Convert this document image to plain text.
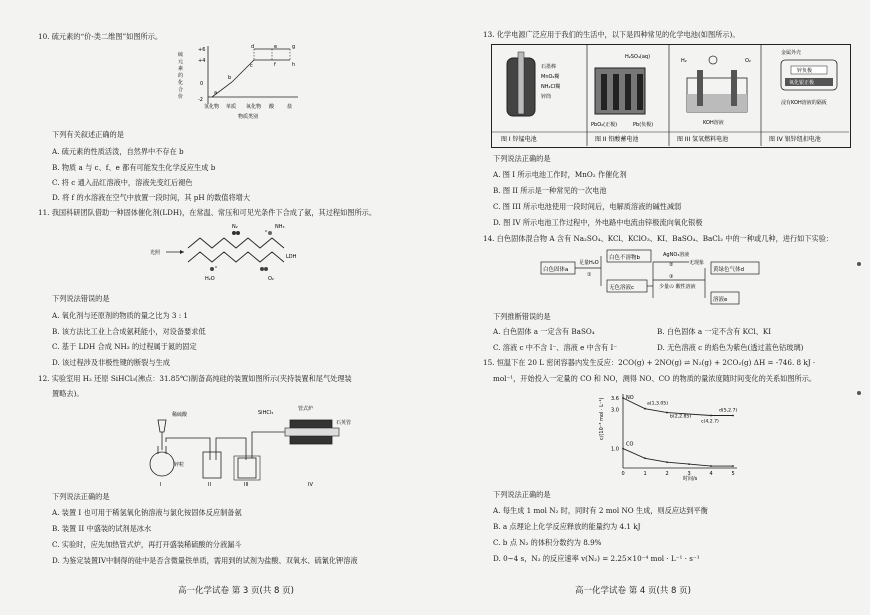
10. 硫元素的“价-类二维图”如图所示。
硫
元
素
的
化
合
价
+6
+4
0
-2
a
b
c
d	e
f
g
h
氢化物 单质 氧化物 酸	盐
物质类别
下列有关叙述正确的是
A. 硫元素的性质活泼，自然界中不存在 b
B. 物质 a 与 c、f、e 都有可能发生化学反应生成 b
C. 将 c 通入品红溶液中，溶液先变红后褪色
D. 将 f 的水溶液在空气中放置一段时间，其 pH 的数值将增大
11. 我国科研团队借助一种固体催化剂(LDH)，在常温、常压和可见光条件下合成了氨，其过程如图所示。
N₂	NH₃
光照
LDH
H₂O	O₂
下列说法错误的是
A. 氧化剂与还原剂的物质的量之比为 3 : 1
B. 该方法比工业上合成氨耗能小，对设备要求低
C. 基于 LDH 合成 NH₃ 的过程属于氮的固定
D. 该过程涉及非极性键的断裂与生成
12. 实验室用 H₂ 还原 SiHCl₃(沸点：31.85℃)制备高纯硅的装置如图所示(夹持装置和尾气处理装
置略去)。
稀硫酸
锌粒
SiHCl₃
管式炉
石英管
I	II	III	IV
下列说法正确的是
A. 装置 I 也可用于稀氢氧化钠溶液与氯化铵固体反应制备氨
B. 装置 II 中盛装的试剂是冰水
C. 实验时，应先加热管式炉，再打开盛装稀硫酸的分液漏斗
D. 为鉴定装置IV中制得的硅中是否含微量铁单质，需用到的试剂为盐酸、双氧水、硫氰化钾溶液
高一化学试卷 第 3 页(共 8 页)
13. 化学电源广泛应用于我们的生活中，以下是四种常见的化学电池(如图所示)。
石墨棒
MnO₂糊
NH₄Cl糊
锌筒
H₂SO₄(aq)
PbO₂(正极)	Pb(负极)
H₂	O₂
KOH溶液
金属外壳
锌负极
氧化银正极
浸有KOH溶液的隔板
图 I 锌锰电池	图 II 铅酸蓄电池	图 III 氢氧燃料电池	图 IV 银锌纽扣电池
下列说法正确的是
A. 图 I 所示电池工作时，MnO₂ 作催化剂
B. 图 II 所示是一种常见的一次电池
C. 图 III 所示电池使用一段时间后，电解质溶液的碱性减弱
D. 图 IV 所示电池工作过程中，外电路中电流由锌极流向氧化银极
14. 白色固体混合物 A 含有 Na₂SO₄、KCl、KClO₃、KI、BaSO₄、BaCl₂ 中的一种或几种，进行如下实验：
白色固体a
足量H₂O
①
白色不溶物b
无色溶液c
AgNO₃溶液
②	无现象
③
少量の 酸性溶液
黄绿色气体d
溶液e
下列推断错误的是
A. 白色固体 a 一定含有 BaSO₄	B. 白色固体 a 一定不含有 KCl、KI
C. 溶液 c 中不含 I⁻、溶液 e 中含有 I⁻	D. 无色溶液 c 的焰色为紫色(透过蓝色钴玻璃)
15. 恒温下在 20 L 密闭容器内发生反应：2CO(g) + 2NO(g) ⇌ N₂(g) + 2CO₂(g) ΔH = -746. 8 kJ ·
mol⁻¹，开始投入一定量的 CO 和 NO，测得 NO、CO 的物质的量浓度随时间变化的关系如图所示。
c/(10⁻³ mol · L⁻¹)
时间/s
0	1	2	3	4	5
3.6
3.0
1.0
NO
CO
a(1,3.05)
b(2,2.85)
d(5,2.7)
c(4,2.7)
下列说法正确的是
A. 每生成 1 mol N₂ 时，同时有 2 mol NO 生成，则反应达到平衡
B. a 点理论上化学反应释放的能量约为 4.1 kJ
C. b 点 N₂ 的体积分数约为 8.9%
D. 0~4 s，N₂ 的反应速率 v(N₂) = 2.25×10⁻⁴ mol · L⁻¹ · s⁻¹
高一化学试卷 第 4 页(共 8 页)
